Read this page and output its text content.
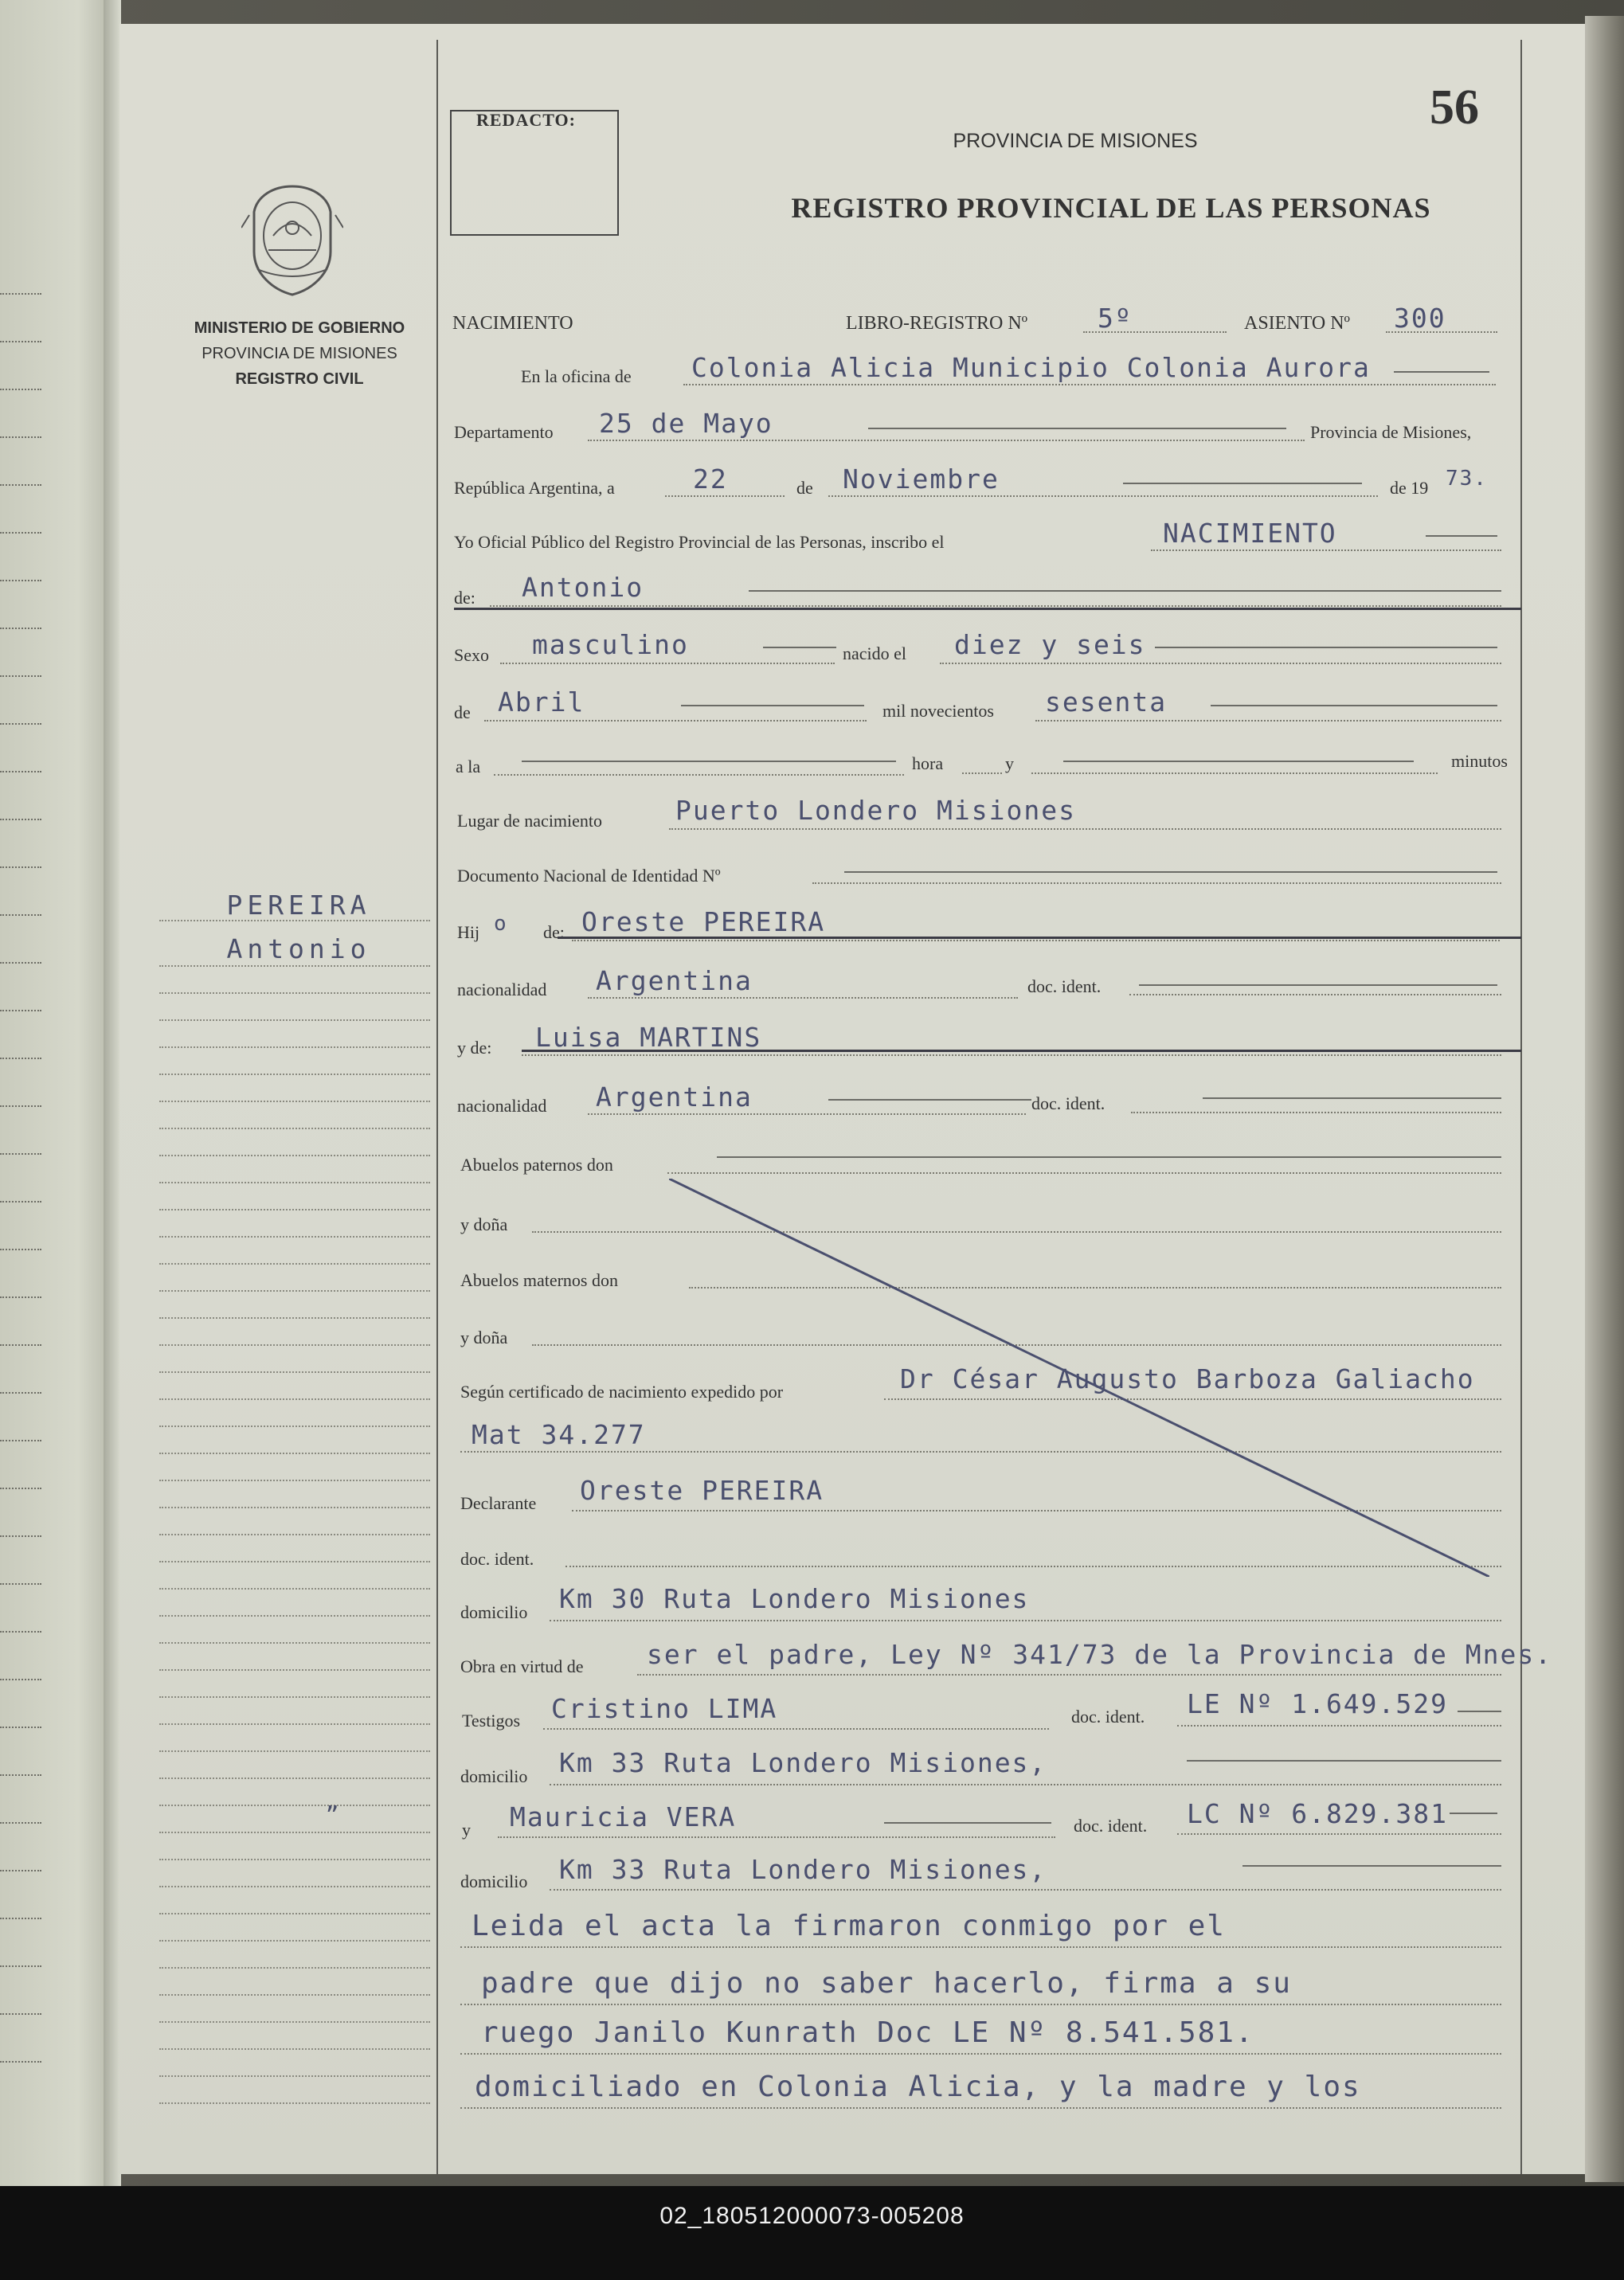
MINISTERIO DE GOBIERNO
PROVINCIA DE MISIONES
REGISTRO CIVIL
PEREIRA
Antonio
”
REDACTO:	56
PROVINCIA DE MISIONES
REGISTRO PROVINCIAL DE LAS PERSONAS
NACIMIENTO	LIBRO-REGISTRO Nº	5º	ASIENTO Nº 300
En la oficina de Colonia Alicia Municipio Colonia Aurora
Departamento 25 de Mayo	Provincia de Misiones,
República Argentina, a	22	de Noviembre	de 19 73.
Yo Oficial Público del Registro Provincial de las Personas, inscribo el	NACIMIENTO
de: Antonio
Sexo masculino	nacido el diez y seis
de Abril	mil novecientos sesenta
a la	hora	y	minutos
Lugar de nacimiento	Puerto Londero Misiones
Documento Nacional de Identidad Nº
Hij o de: Oreste PEREIRA
nacionalidad Argentina	doc. ident.
y de: Luisa MARTINS
nacionalidad Argentina	doc. ident.
Abuelos paternos don
y doña
Abuelos maternos don
y doña
Según certificado de nacimiento expedido por	Dr César Augusto Barboza Galiacho
Mat 34.277
Declarante Oreste PEREIRA
doc. ident.
domicilio Km 30 Ruta Londero Misiones
Obra en virtud de ser el padre, Ley Nº 341/73 de la Provincia de Mnes.
Testigos Cristino LIMA	doc. ident. LE Nº 1.649.529
domicilio Km 33 Ruta Londero Misiones,
y Mauricia VERA	doc. ident. LC Nº 6.829.381
domicilio Km 33 Ruta Londero Misiones,
Leida el acta la firmaron conmigo por el
padre que dijo no saber hacerlo, firma a su
ruego Janilo Kunrath Doc LE Nº 8.541.581.
domiciliado en Colonia Alicia, y la madre y los
02_180512000073-005208
